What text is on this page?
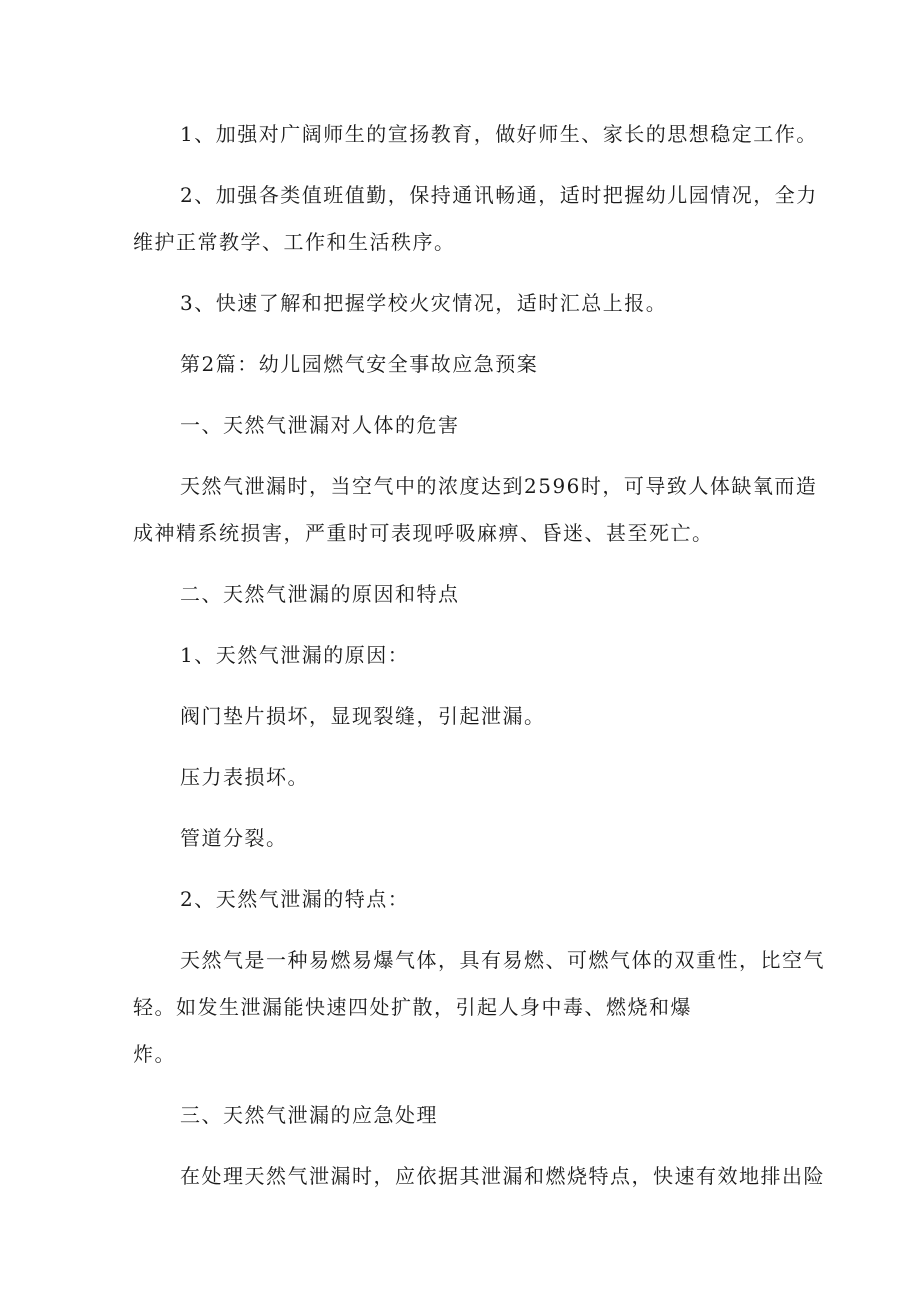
1、加强对广阔师生的宣扬教育，做好师生、家长的思想稳定工作。
2、加强各类值班值勤，保持通讯畅通，适时把握幼儿园情况，全力
维护正常教学、工作和生活秩序。
3、快速了解和把握学校火灾情况，适时汇总上报。
第2篇：幼儿园燃气安全事故应急预案
一、天然气泄漏对人体的危害
天然气泄漏时，当空气中的浓度达到2596时，可导致人体缺氧而造
成神精系统损害，严重时可表现呼吸麻痹、昏迷、甚至死亡。
二、天然气泄漏的原因和特点
1、天然气泄漏的原因：
阀门垫片损坏，显现裂缝，引起泄漏。
压力表损坏。
管道分裂。
2、天然气泄漏的特点：
天然气是一种易燃易爆气体，具有易燃、可燃气体的双重性，比空气
轻。如发生泄漏能快速四处扩散，引起人身中毒、燃烧和爆
炸。
三、天然气泄漏的应急处理
在处理天然气泄漏时，应依据其泄漏和燃烧特点，快速有效地排出险
